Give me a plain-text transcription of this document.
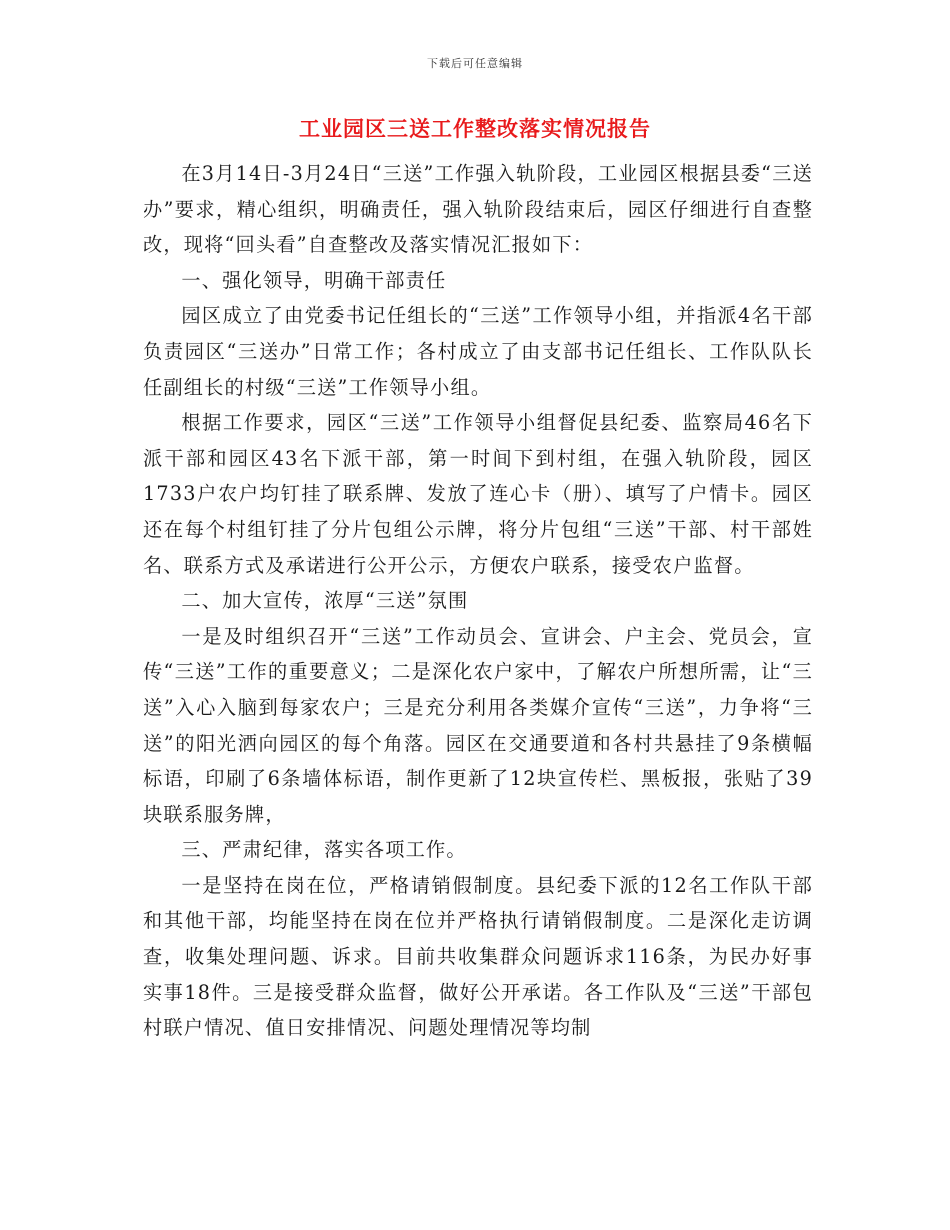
下载后可任意编辑
工业园区三送工作整改落实情况报告

在3月14日-3月24日“三送”工作强入轨阶段，工业园区根据县委“三送办”要求，精心组织，明确责任，强入轨阶段结束后，园区仔细进行自查整改，现将“回头看”自查整改及落实情况汇报如下：

一、强化领导，明确干部责任

园区成立了由党委书记任组长的“三送”工作领导小组，并指派4名干部负责园区“三送办”日常工作；各村成立了由支部书记任组长、工作队队长任副组长的村级“三送”工作领导小组。

根据工作要求，园区“三送”工作领导小组督促县纪委、监察局46名下派干部和园区43名下派干部，第一时间下到村组，在强入轨阶段，园区1733户农户均钉挂了联系牌、发放了连心卡（册）、填写了户情卡。园区还在每个村组钉挂了分片包组公示牌，将分片包组“三送”干部、村干部姓名、联系方式及承诺进行公开公示，方便农户联系，接受农户监督。

二、加大宣传，浓厚“三送”氛围

一是及时组织召开“三送”工作动员会、宣讲会、户主会、党员会，宣传“三送”工作的重要意义；二是深化农户家中，了解农户所想所需，让“三送”入心入脑到每家农户；三是充分利用各类媒介宣传“三送”，力争将“三送”的阳光洒向园区的每个角落。园区在交通要道和各村共悬挂了9条横幅标语，印刷了6条墙体标语，制作更新了12块宣传栏、黑板报，张贴了39块联系服务牌，

三、严肃纪律，落实各项工作。

一是坚持在岗在位，严格请销假制度。县纪委下派的12名工作队干部和其他干部，均能坚持在岗在位并严格执行请销假制度。二是深化走访调查，收集处理问题、诉求。目前共收集群众问题诉求116条，为民办好事实事18件。三是接受群众监督，做好公开承诺。各工作队及“三送”干部包村联户情况、值日安排情况、问题处理情况等均制
